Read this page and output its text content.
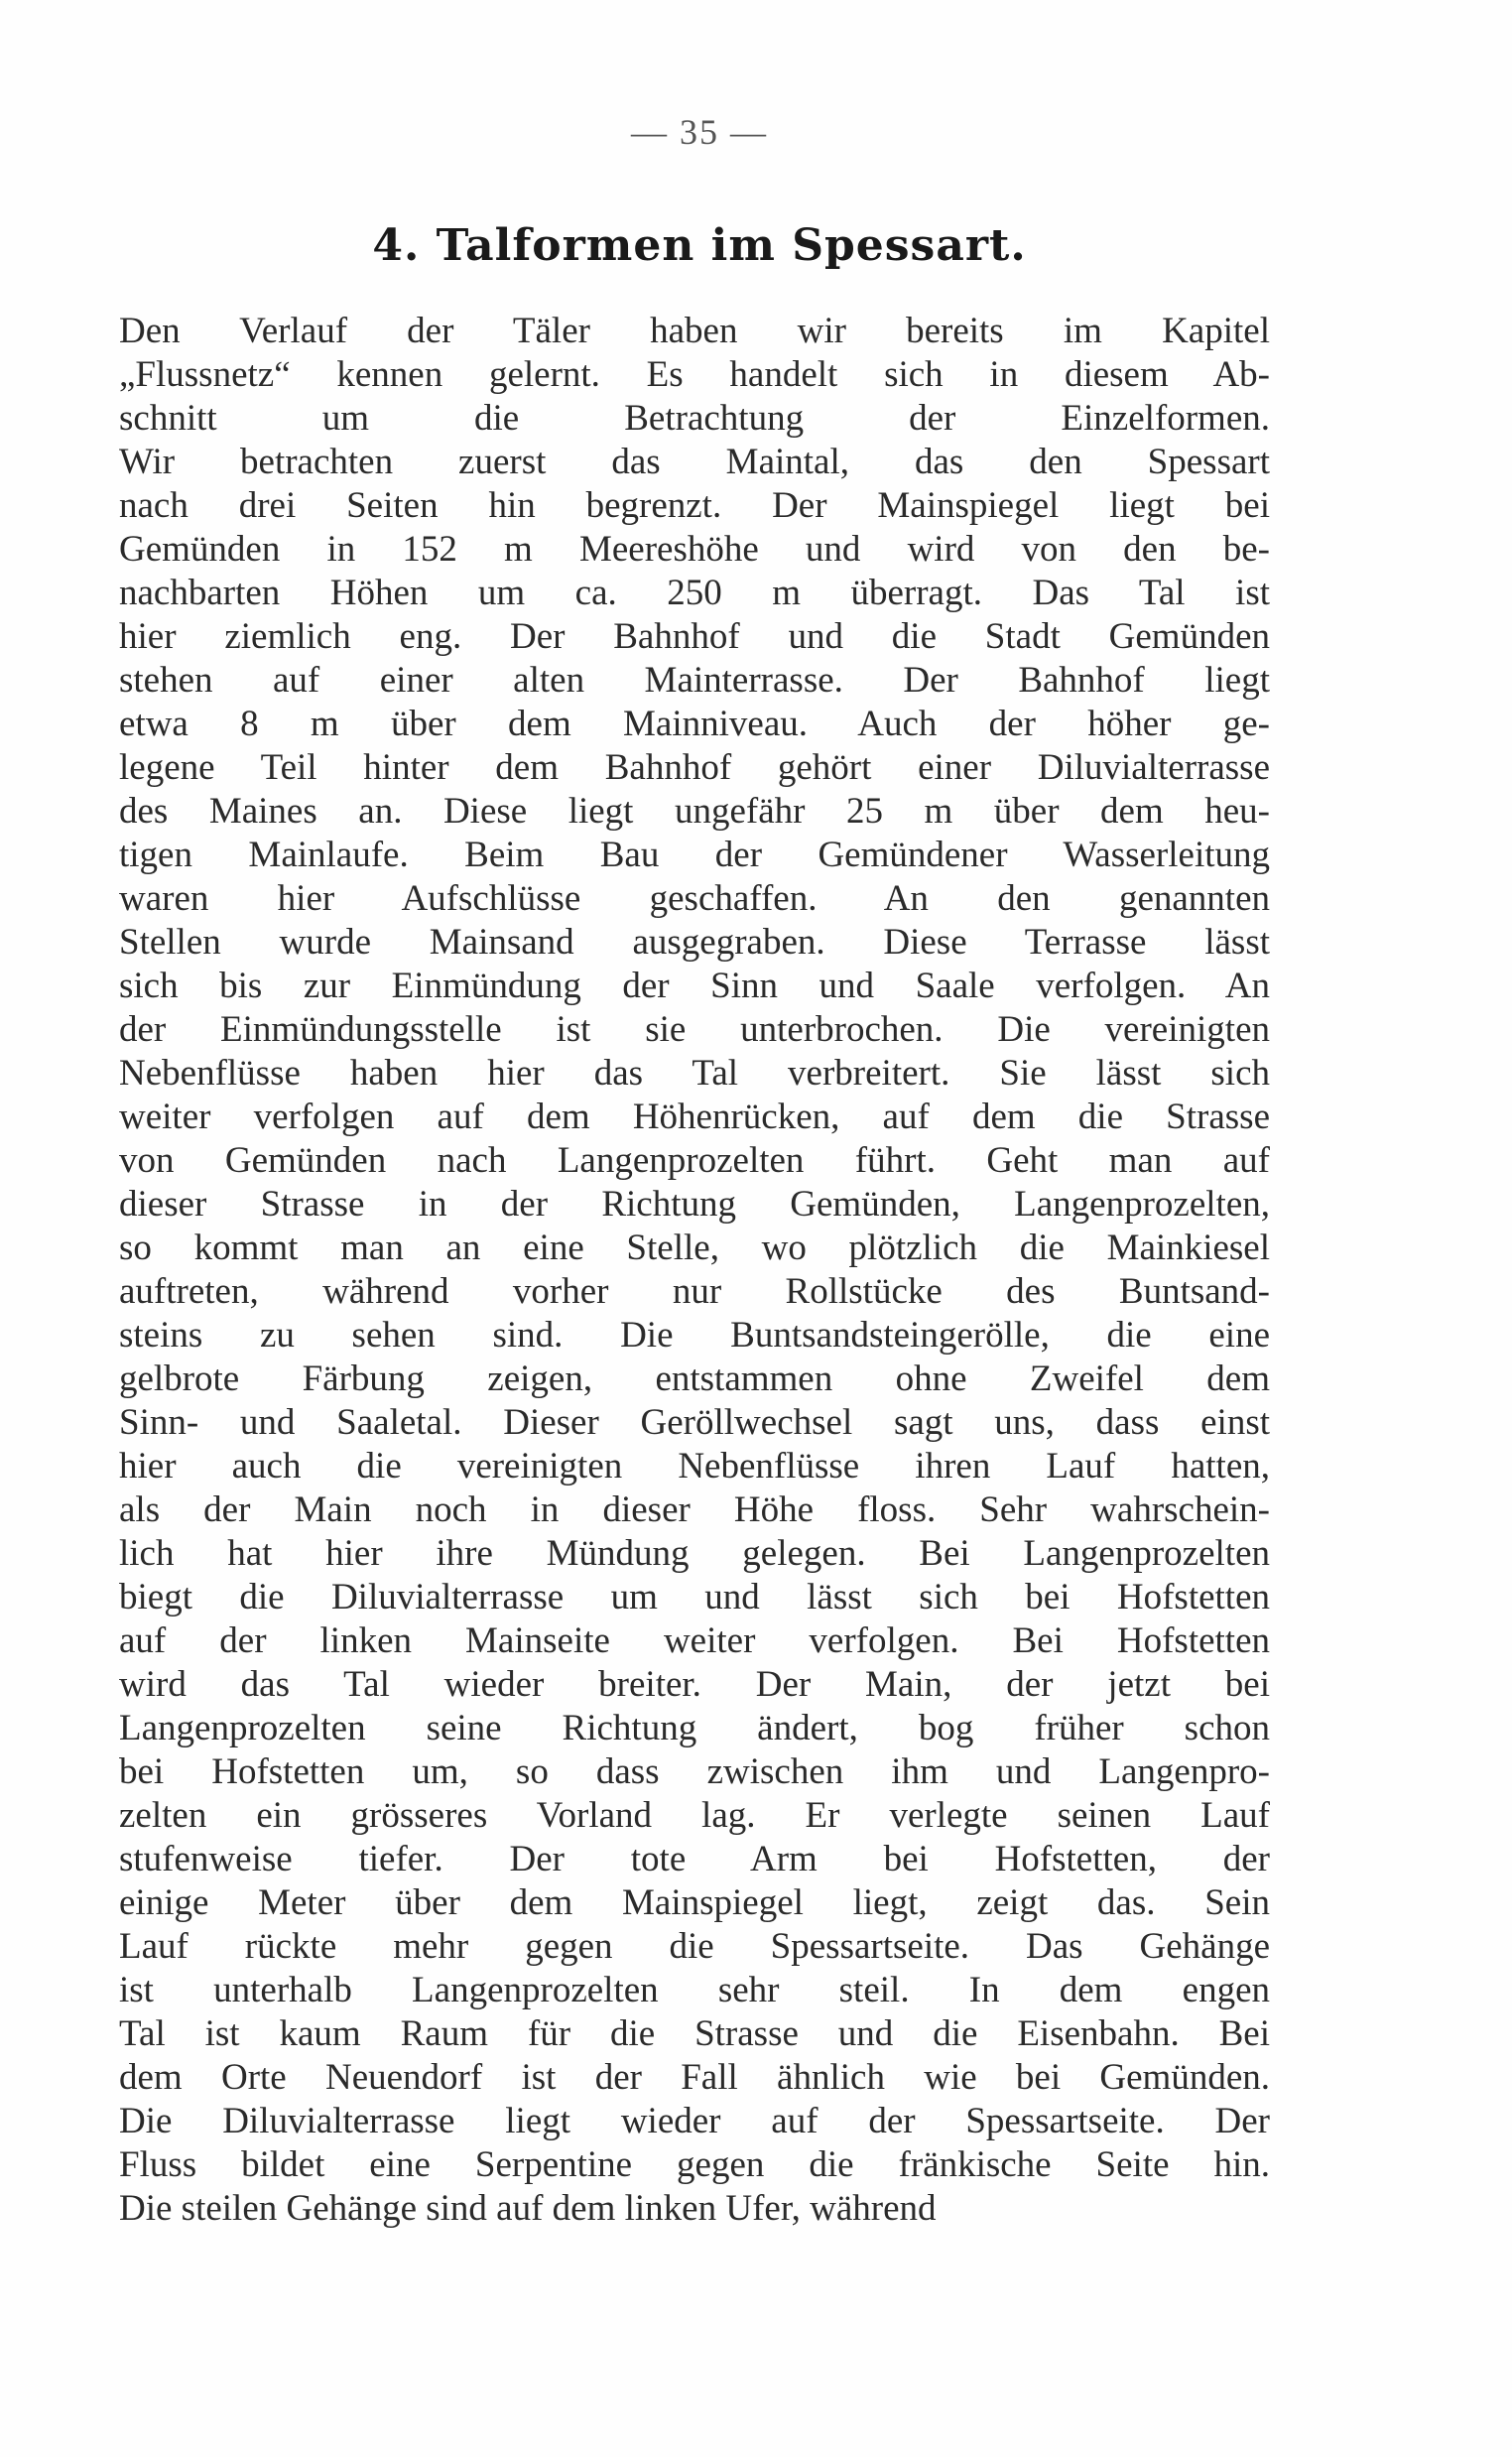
— 35 —
4. Talformen im Spessart.
Den Verlauf der Täler haben wir bereits im Kapitel
„Flussnetz“ kennen gelernt. Es handelt sich in diesem Ab-
schnitt um die Betrachtung der Einzelformen.
Wir betrachten zuerst das Maintal, das den Spessart
nach drei Seiten hin begrenzt. Der Mainspiegel liegt bei
Gemünden in 152 m Meereshöhe und wird von den be-
nachbarten Höhen um ca. 250 m überragt. Das Tal ist
hier ziemlich eng. Der Bahnhof und die Stadt Gemünden
stehen auf einer alten Mainterrasse. Der Bahnhof liegt
etwa 8 m über dem Mainniveau. Auch der höher ge-
legene Teil hinter dem Bahnhof gehört einer Diluvialterrasse
des Maines an. Diese liegt ungefähr 25 m über dem heu-
tigen Mainlaufe. Beim Bau der Gemündener Wasserleitung
waren hier Aufschlüsse geschaffen. An den genannten
Stellen wurde Mainsand ausgegraben. Diese Terrasse lässt
sich bis zur Einmündung der Sinn und Saale verfolgen. An
der Einmündungsstelle ist sie unterbrochen. Die vereinigten
Nebenflüsse haben hier das Tal verbreitert. Sie lässt sich
weiter verfolgen auf dem Höhenrücken, auf dem die Strasse
von Gemünden nach Langenprozelten führt. Geht man auf
dieser Strasse in der Richtung Gemünden, Langenprozelten,
so kommt man an eine Stelle, wo plötzlich die Mainkiesel
auftreten, während vorher nur Rollstücke des Buntsand-
steins zu sehen sind. Die Buntsandsteingerölle, die eine
gelbrote Färbung zeigen, entstammen ohne Zweifel dem
Sinn- und Saaletal. Dieser Geröllwechsel sagt uns, dass einst
hier auch die vereinigten Nebenflüsse ihren Lauf hatten,
als der Main noch in dieser Höhe floss. Sehr wahrschein-
lich hat hier ihre Mündung gelegen. Bei Langenprozelten
biegt die Diluvialterrasse um und lässt sich bei Hofstetten
auf der linken Mainseite weiter verfolgen. Bei Hofstetten
wird das Tal wieder breiter. Der Main, der jetzt bei
Langenprozelten seine Richtung ändert, bog früher schon
bei Hofstetten um, so dass zwischen ihm und Langenpro-
zelten ein grösseres Vorland lag. Er verlegte seinen Lauf
stufenweise tiefer. Der tote Arm bei Hofstetten, der
einige Meter über dem Mainspiegel liegt, zeigt das. Sein
Lauf rückte mehr gegen die Spessartseite. Das Gehänge
ist unterhalb Langenprozelten sehr steil. In dem engen
Tal ist kaum Raum für die Strasse und die Eisenbahn. Bei
dem Orte Neuendorf ist der Fall ähnlich wie bei Gemünden.
Die Diluvialterrasse liegt wieder auf der Spessartseite. Der
Fluss bildet eine Serpentine gegen die fränkische Seite hin.
Die steilen Gehänge sind auf dem linken Ufer, während
